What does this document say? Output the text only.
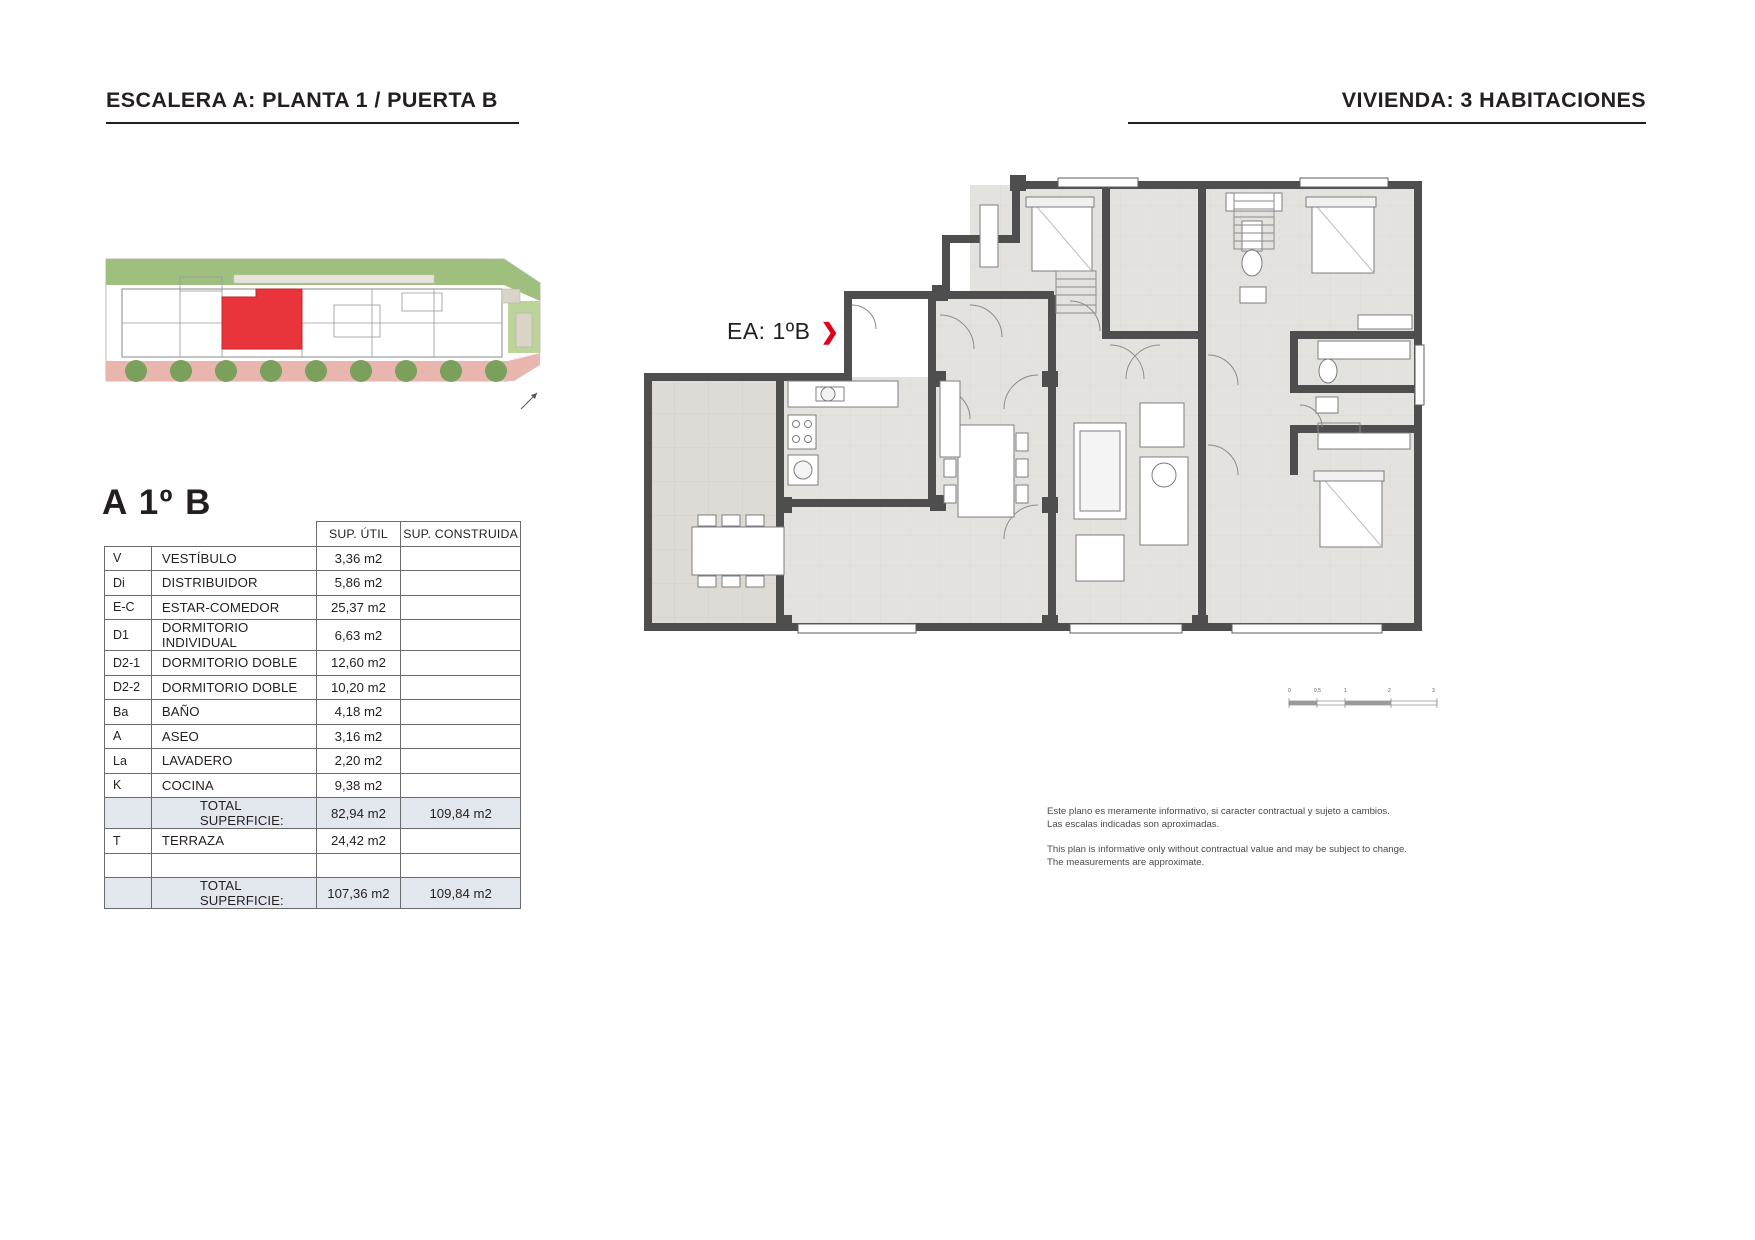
ESCALERA A: PLANTA 1 / PUERTA B	VIVIENDA: 3 HABITACIONES
A 1º B
		SUP. ÚTIL	SUP. CONSTRUIDA
V	VESTÍBULO	3,36 m2	
Di	DISTRIBUIDOR	5,86 m2	
E-C	ESTAR-COMEDOR	25,37 m2	
D1	DORMITORIO INDIVIDUAL	6,63 m2	
D2-1	DORMITORIO DOBLE	12,60 m2	
D2-2	DORMITORIO DOBLE	10,20 m2	
Ba	BAÑO	4,18 m2	
A	ASEO	3,16 m2	
La	LAVADERO	2,20 m2	
K	COCINA	9,38 m2	
	TOTAL SUPERFICIE:	82,94 m2	109,84 m2
T	TERRAZA	24,42 m2	

	TOTAL SUPERFICIE:	107,36 m2	109,84 m2
EA: 1ºB ❯
0	0,5	1	2	3

Este plano es meramente informativo, si caracter contractual y sujeto a cambios.

Las escalas indicadas son aproximadas.

This plan is informative only without contractual value and may be subject to change.

The measurements are approximate.
